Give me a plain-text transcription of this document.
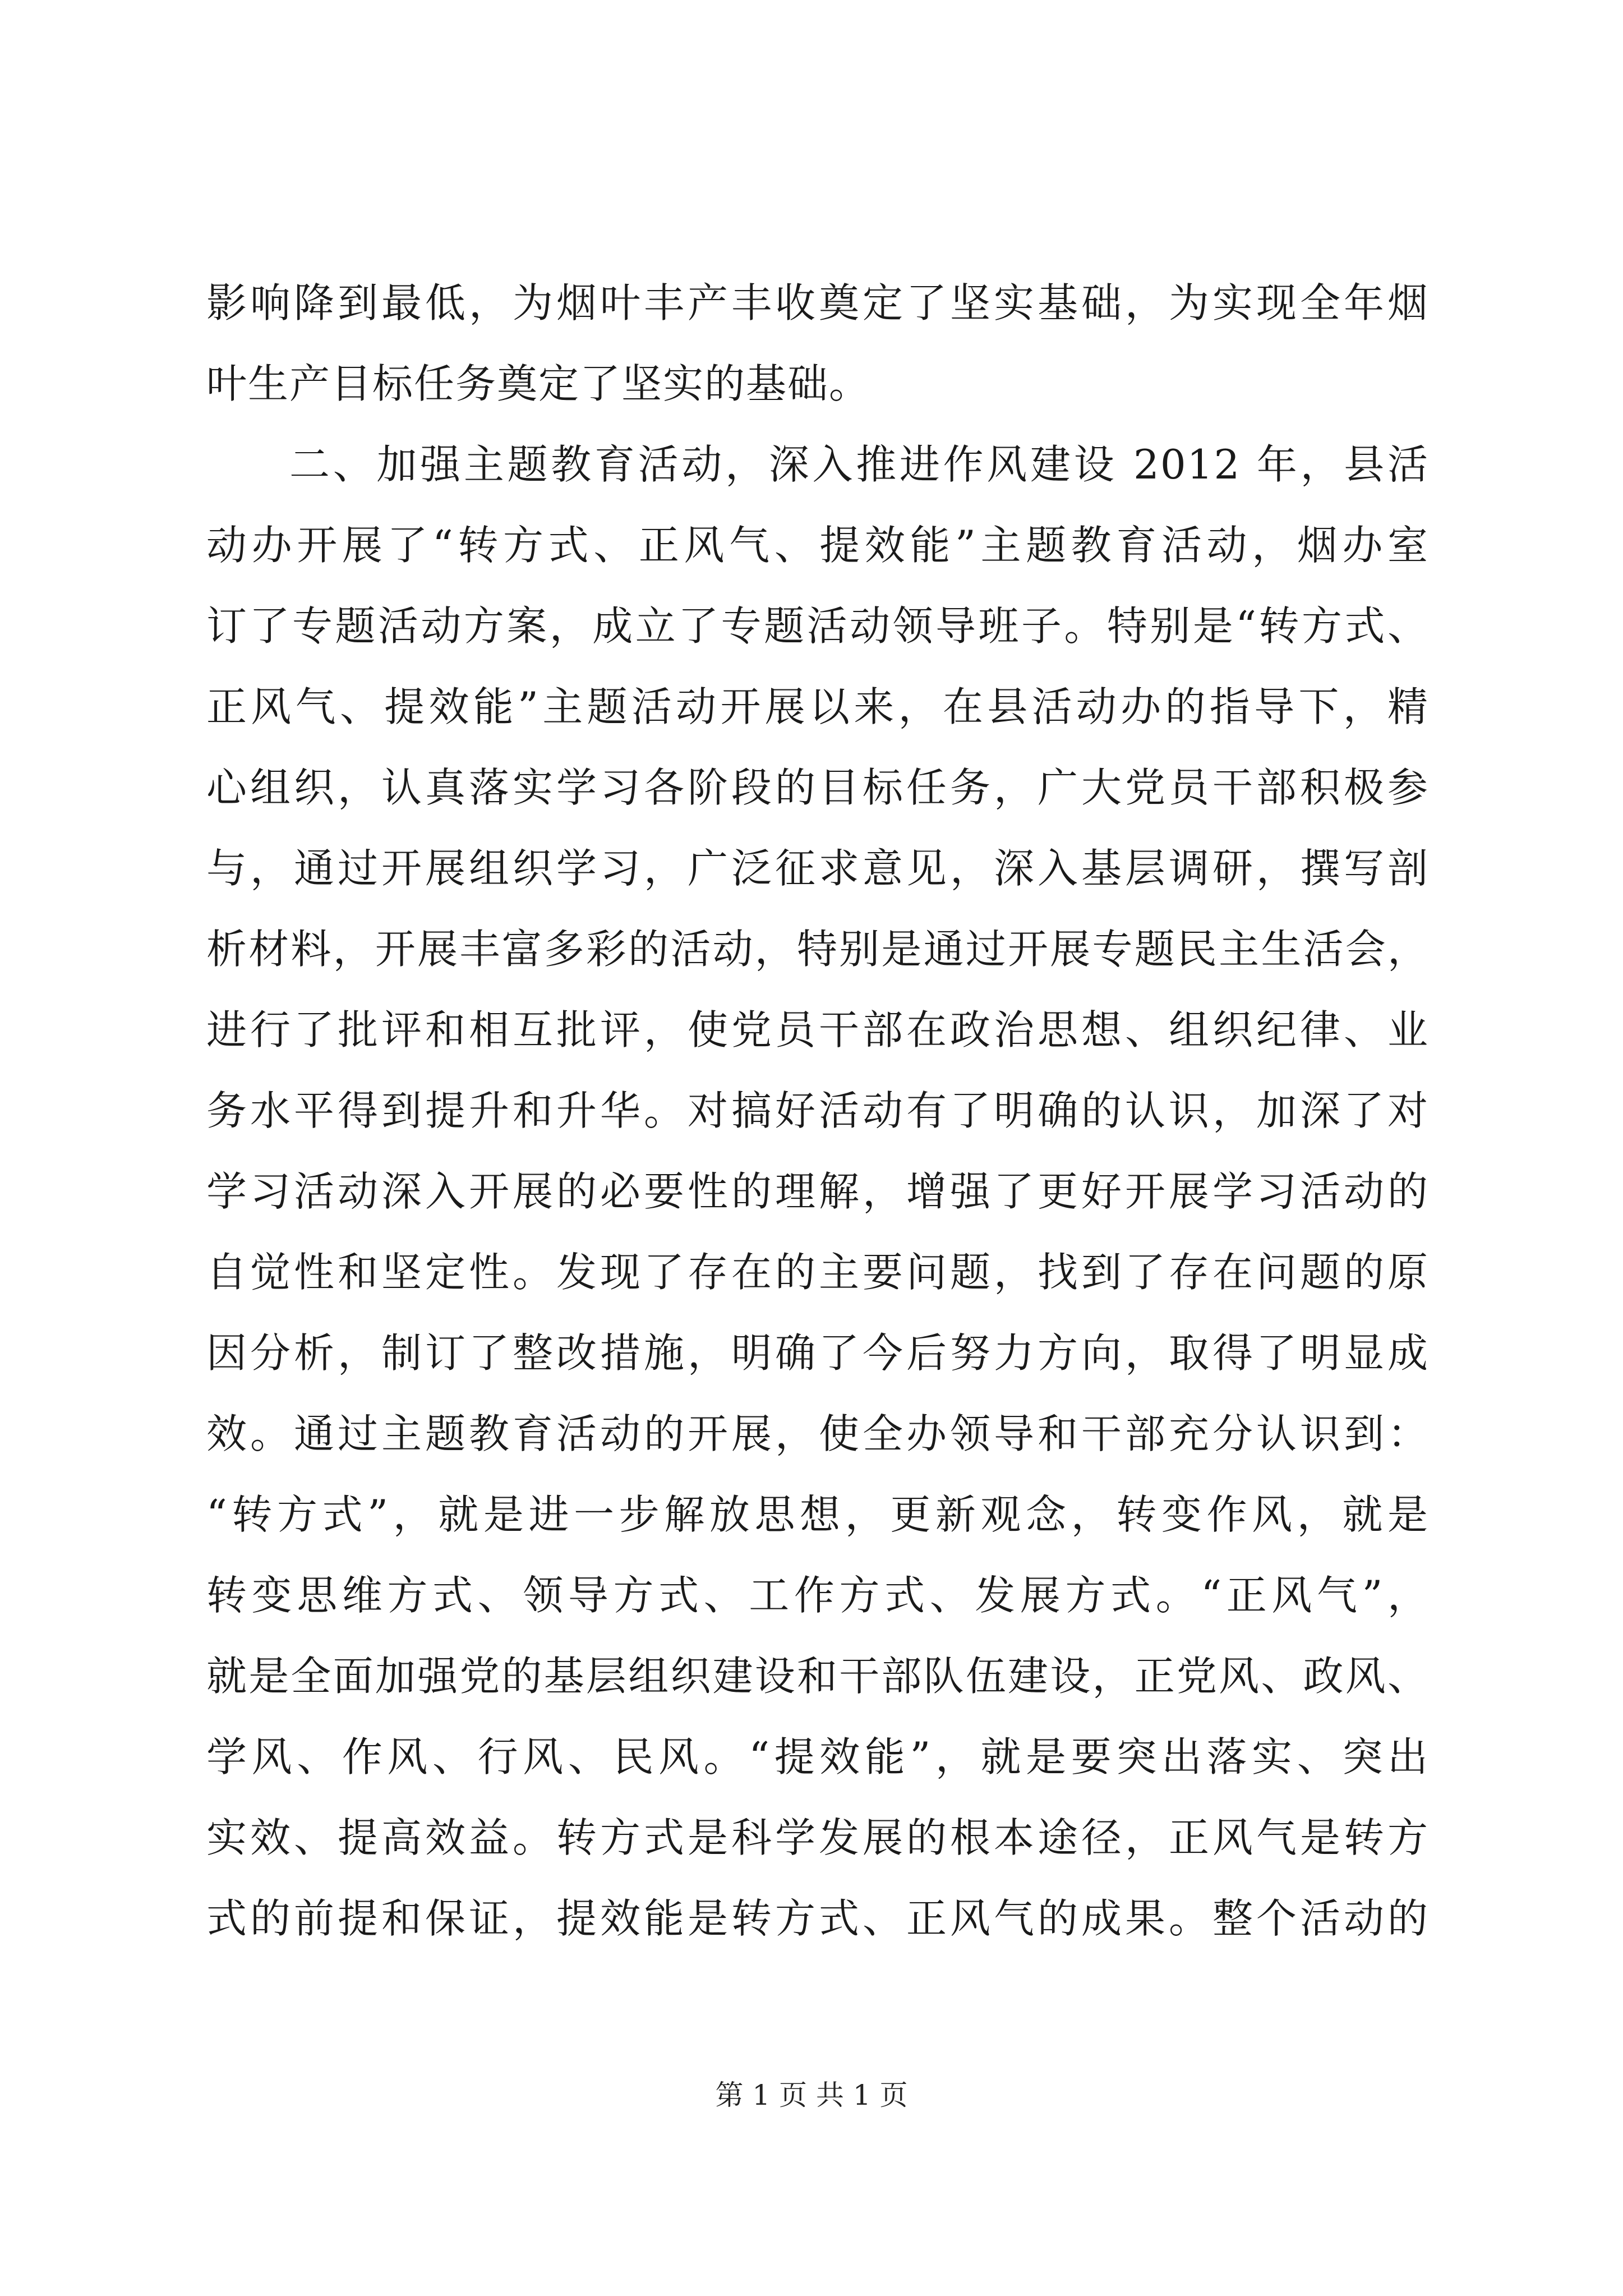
影响降到最低，为烟叶丰产丰收奠定了坚实基础，为实现全年烟
叶生产目标任务奠定了坚实的基础。
二、加强主题教育活动，深入推进作风建设 2012 年，县活
动办开展了“转方式、正风气、提效能”主题教育活动，烟办室
订了专题活动方案，成立了专题活动领导班子。特别是“转方式、
正风气、提效能”主题活动开展以来，在县活动办的指导下，精
心组织，认真落实学习各阶段的目标任务，广大党员干部积极参
与，通过开展组织学习，广泛征求意见，深入基层调研，撰写剖
析材料，开展丰富多彩的活动，特别是通过开展专题民主生活会，
进行了批评和相互批评，使党员干部在政治思想、组织纪律、业
务水平得到提升和升华。对搞好活动有了明确的认识，加深了对
学习活动深入开展的必要性的理解，增强了更好开展学习活动的
自觉性和坚定性。发现了存在的主要问题，找到了存在问题的原
因分析，制订了整改措施，明确了今后努力方向，取得了明显成
效。通过主题教育活动的开展，使全办领导和干部充分认识到：
“转方式”，就是进一步解放思想，更新观念，转变作风，就是
转变思维方式、领导方式、工作方式、发展方式。“正风气”，
就是全面加强党的基层组织建设和干部队伍建设，正党风、政风、
学风、作风、行风、民风。“提效能”，就是要突出落实、突出
实效、提高效益。转方式是科学发展的根本途径，正风气是转方
式的前提和保证，提效能是转方式、正风气的成果。整个活动的
第 1 页 共 1 页
